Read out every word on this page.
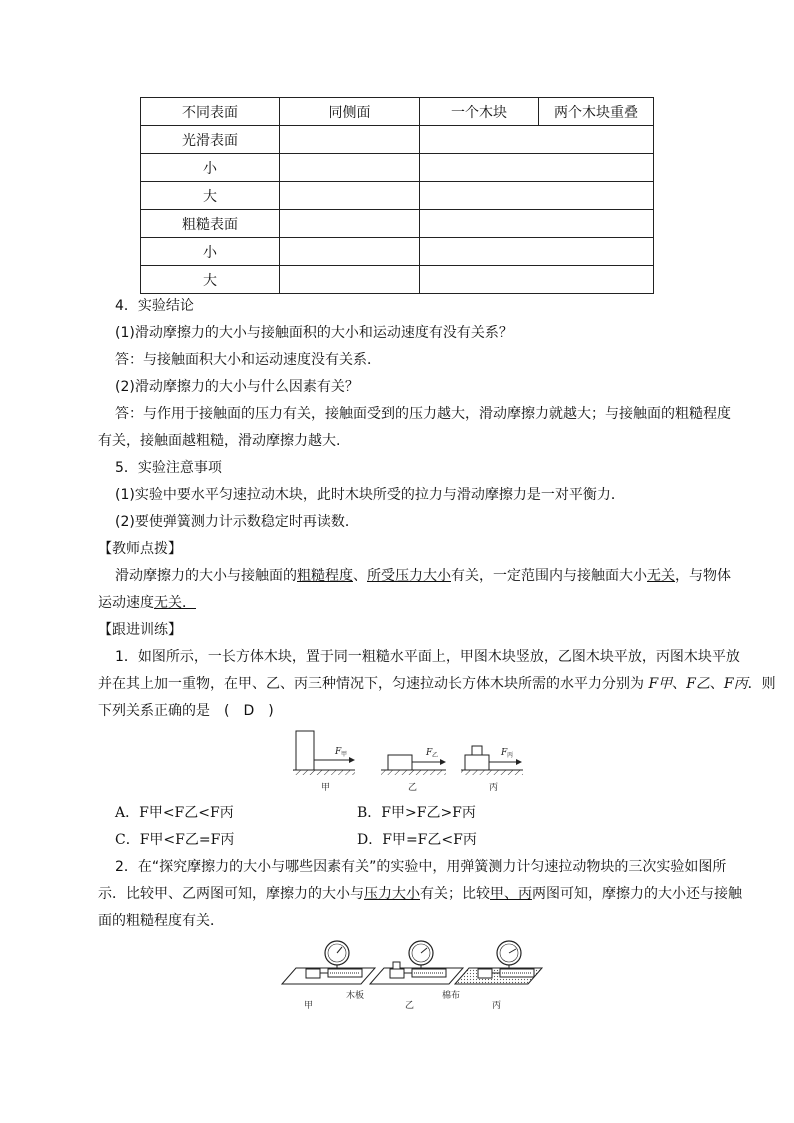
不同表面	同侧面	一个木块	两个木块重叠
光滑表面			
小			
大			
粗糙表面			
小			
大			
4．实验结论
(1)滑动摩擦力的大小与接触面积的大小和运动速度有没有关系？
答：与接触面积大小和运动速度没有关系．
(2)滑动摩擦力的大小与什么因素有关？
答：与作用于接触面的压力有关，接触面受到的压力越大，滑动摩擦力就越大；与接触面的粗糙程度
有关，接触面越粗糙，滑动摩擦力越大.
5．实验注意事项
(1)实验中要水平匀速拉动木块，此时木块所受的拉力与滑动摩擦力是一对平衡力．
(2)要使弹簧测力计示数稳定时再读数．
【教师点拨】
滑动摩擦力的大小与接触面的粗糙程度、所受压力大小有关，一定范围内与接触面大小无关，与物体
运动速度无关．
【跟进训练】
1．如图所示，一长方体木块，置于同一粗糙水平面上，甲图木块竖放，乙图木块平放，丙图木块平放
并在其上加一重物，在甲、乙、丙三种情况下，匀速拉动长方体木块所需的水平力分别为 F甲、F乙、F丙．则
下列关系正确的是　(　D　)
F 甲	F 乙	F 丙
甲	乙	丙
A．F甲<F乙<F丙	B．F甲>F乙>F丙
C．F甲<F乙=F丙	D．F甲=F乙<F丙
2．在“探究摩擦力的大小与哪些因素有关”的实验中，用弹簧测力计匀速拉动物块的三次实验如图所
示．比较甲、乙两图可知，摩擦力的大小与压力大小有关；比较甲、丙两图可知，摩擦力的大小还与接触
面的粗糙程度有关．
甲
木板
乙
棉布
丙
